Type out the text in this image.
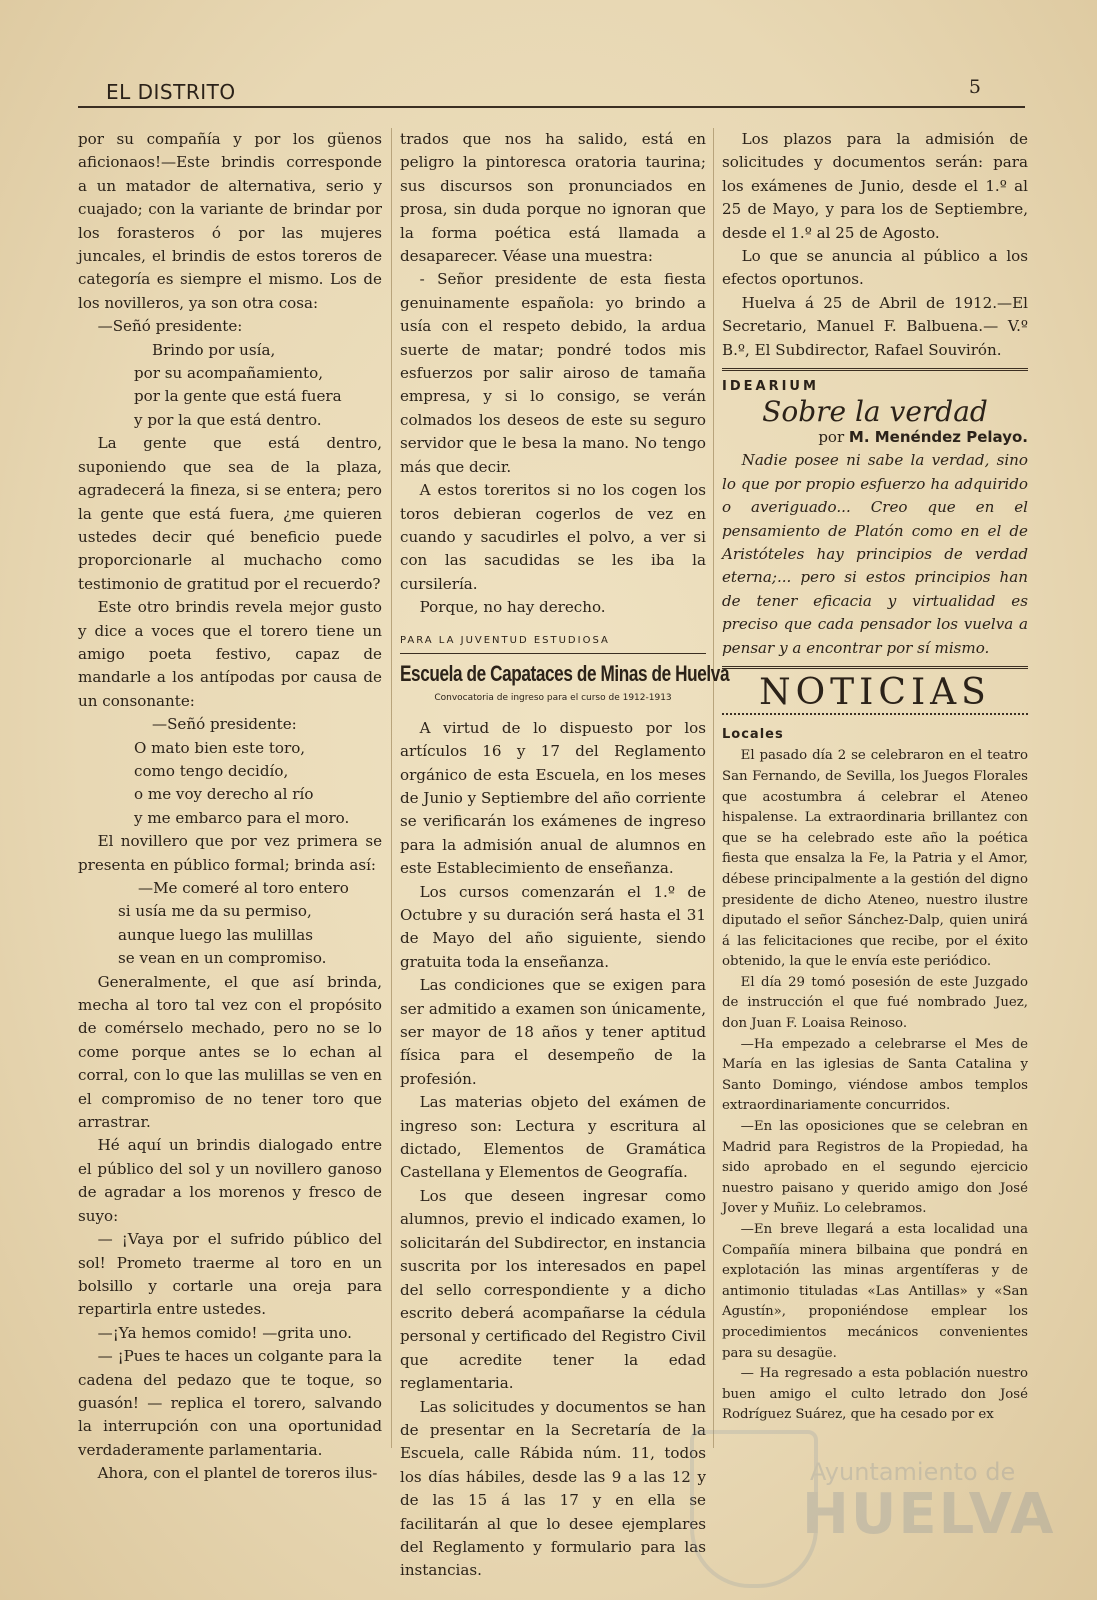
EL DISTRITO	5

por su compañía y por los güenos aficionaos!—Este brindis corresponde a un matador de alternativa, serio y cuajado; con la variante de brindar por los forasteros ó por las mujeres juncales, el brindis de estos toreros de categoría es siempre el mismo. Los de los novilleros, ya son otra cosa:

—Señó presidente:

Brindo por usía,
por su acompañamiento,
por la gente que está fuera
y por la que está dentro.

La gente que está dentro, suponiendo que sea de la plaza, agradecerá la fineza, si se entera; pero la gente que está fuera, ¿me quieren ustedes decir qué beneficio puede proporcionarle al muchacho como testimonio de gratitud por el recuerdo?

Este otro brindis revela mejor gusto y dice a voces que el torero tiene un amigo poeta festivo, capaz de mandarle a los antípodas por causa de un consonante:

—Señó presidente:
O mato bien este toro,
como tengo decidío,
o me voy derecho al río
y me embarco para el moro.

El novillero que por vez primera se presenta en público formal; brinda así:

—Me comeré al toro entero
si usía me da su permiso,
aunque luego las mulillas
se vean en un compromiso.

Generalmente, el que así brinda, mecha al toro tal vez con el propósito de comérselo mechado, pero no se lo come porque antes se lo echan al corral, con lo que las mulillas se ven en el compromiso de no tener toro que arrastrar.

Hé aquí un brindis dialogado entre el público del sol y un novillero ganoso de agradar a los morenos y fresco de suyo:

— ¡Vaya por el sufrido público del sol! Prometo traerme al toro en un bolsillo y cortarle una oreja para repartirla entre ustedes.

—¡Ya hemos comido! —grita uno.

— ¡Pues te haces un colgante para la cadena del pedazo que te toque, so guasón! — replica el torero, salvando la interrupción con una oportunidad verdaderamente parlamentaria.

Ahora, con el plantel de toreros ilus-

trados que nos ha salido, está en peligro la pintoresca oratoria taurina; sus discursos son pronunciados en prosa, sin duda porque no ignoran que la forma poética está llamada a desaparecer. Véase una muestra:

- Señor presidente de esta fiesta genuinamente española: yo brindo a usía con el respeto debido, la ardua suerte de matar; pondré todos mis esfuerzos por salir airoso de tamaña empresa, y si lo consigo, se verán colmados los deseos de este su seguro servidor que le besa la mano. No tengo más que decir.

A estos toreritos si no los cogen los toros debieran cogerlos de vez en cuando y sacudirles el polvo, a ver si con las sacudidas se les iba la cursilería.

Porque, no hay derecho.

PARA LA JUVENTUD ESTUDIOSA
Escuela de Capataces de Minas de Huelva
Convocatoria de ingreso para el curso de 1912-1913

A virtud de lo dispuesto por los artículos 16 y 17 del Reglamento orgánico de esta Escuela, en los meses de Junio y Septiembre del año corriente se verificarán los exámenes de ingreso para la admisión anual de alumnos en este Establecimiento de enseñanza.

Los cursos comenzarán el 1.º de Octubre y su duración será hasta el 31 de Mayo del año siguiente, siendo gratuita toda la enseñanza.

Las condiciones que se exigen para ser admitido a examen son únicamente, ser mayor de 18 años y tener aptitud física para el desempeño de la profesión.

Las materias objeto del exámen de ingreso son: Lectura y escritura al dictado, Elementos de Gramática Castellana y Elementos de Geografía.

Los que deseen ingresar como alumnos, previo el indicado examen, lo solicitarán del Subdirector, en instancia suscrita por los interesados en papel del sello correspondiente y a dicho escrito deberá acompañarse la cédula personal y certificado del Registro Civil que acredite tener la edad reglamentaria.

Las solicitudes y documentos se han de presentar en la Secretaría de la Escuela, calle Rábida núm. 11, todos los días hábiles, desde las 9 a las 12 y de las 15 á las 17 y en ella se facilitarán al que lo desee ejemplares del Reglamento y formulario para las instancias.

Los plazos para la admisión de solicitudes y documentos serán: para los exámenes de Junio, desde el 1.º al 25 de Mayo, y para los de Septiembre, desde el 1.º al 25 de Agosto.

Lo que se anuncia al público a los efectos oportunos.

Huelva á 25 de Abril de 1912.—El Secretario, Manuel F. Balbuena.— V.º B.º, El Subdirector, Rafael Souvirón.

IDEARIUM
Sobre la verdad
por M. Menéndez Pelayo.

Nadie posee ni sabe la verdad, sino lo que por propio esfuerzo ha adquirido o averiguado... Creo que en el pensamiento de Platón como en el de Aristóteles hay principios de verdad eterna;... pero si estos principios han de tener eficacia y virtualidad es preciso que cada pensador los vuelva a pensar y a encontrar por sí mismo.

NOTICIAS
Locales

El pasado día 2 se celebraron en el teatro San Fernando, de Sevilla, los Juegos Florales que acostumbra á celebrar el Ateneo hispalense. La extraordinaria brillantez con que se ha celebrado este año la poética fiesta que ensalza la Fe, la Patria y el Amor, débese principalmente a la gestión del digno presidente de dicho Ateneo, nuestro ilustre diputado el señor Sánchez-Dalp, quien unirá á las felicitaciones que recibe, por el éxito obtenido, la que le envía este periódico.

El día 29 tomó posesión de este Juzgado de instrucción el que fué nombrado Juez, don Juan F. Loaisa Reinoso.

—Ha empezado a celebrarse el Mes de María en las iglesias de Santa Catalina y Santo Domingo, viéndose ambos templos extraordinariamente concurridos.

—En las oposiciones que se celebran en Madrid para Registros de la Propiedad, ha sido aprobado en el segundo ejercicio nuestro paisano y querido amigo don José Jover y Muñiz. Lo celebramos.

—En breve llegará a esta localidad una Compañía minera bilbaina que pondrá en explotación las minas argentíferas y de antimonio tituladas «Las Antillas» y «San Agustín», proponiéndose emplear los procedimientos mecánicos convenientes para su desagüe.

— Ha regresado a esta población nuestro buen amigo el culto letrado don José Rodríguez Suárez, que ha cesado por ex

Ayuntamiento de
HUELVA
